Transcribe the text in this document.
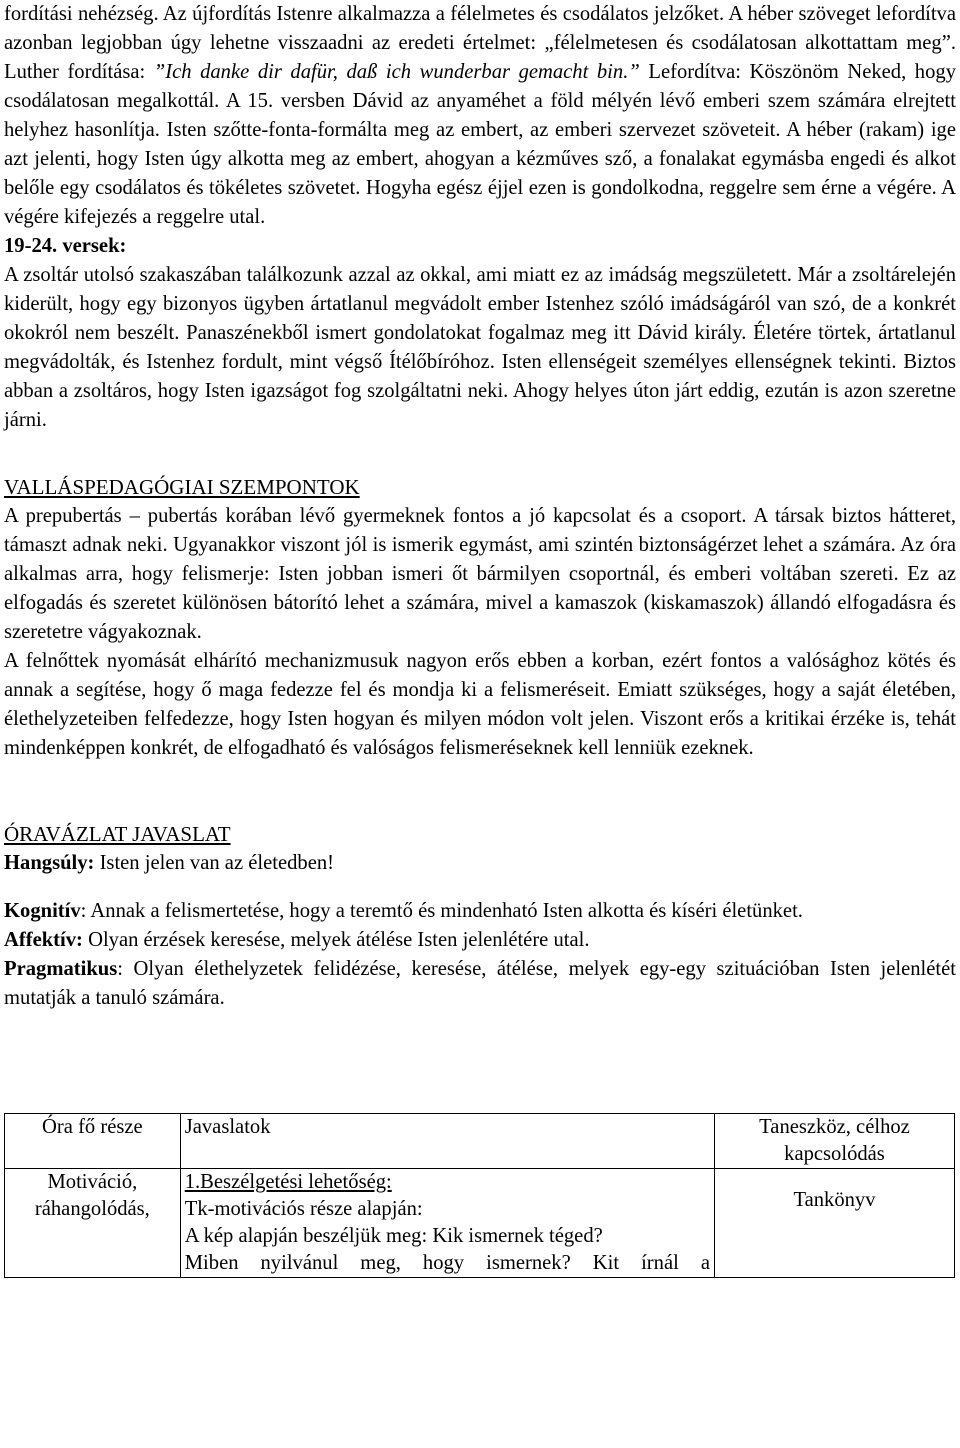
fordítási nehézség. Az újfordítás Istenre alkalmazza a félelmetes és csodálatos jelzőket. A héber szöveget lefordítva azonban legjobban úgy lehetne visszaadni az eredeti értelmet: „félelmetesen és csodálatosan alkottattam meg”. Luther fordítása: ”Ich danke dir dafür, daß ich wunderbar gemacht bin.” Lefordítva: Köszönöm Neked, hogy csodálatosan megalkottál. A 15. versben Dávid az anyaméhet a föld mélyén lévő emberi szem számára elrejtett helyhez hasonlítja. Isten szőtte-fonta-formálta meg az embert, az emberi szervezet szöveteit. A héber (rakam) ige azt jelenti, hogy Isten úgy alkotta meg az embert, ahogyan a kézműves sző, a fonalakat egymásba engedi és alkot belőle egy csodálatos és tökéletes szövetet. Hogyha egész éjjel ezen is gondolkodna, reggelre sem érne a végére. A végére kifejezés a reggelre utal.

19-24. versek:
A zsoltár utolsó szakaszában találkozunk azzal az okkal, ami miatt ez az imádság megszületett. Már a zsoltárelején kiderült, hogy egy bizonyos ügyben ártatlanul megvádolt ember Istenhez szóló imádságáról van szó, de a konkrét okokról nem beszélt. Panaszénekből ismert gondolatokat fogalmaz meg itt Dávid király. Életére törtek, ártatlanul megvádolták, és Istenhez fordult, mint végső Ítélőbíróhoz. Isten ellenségeit személyes ellenségnek tekinti. Biztos abban a zsoltáros, hogy Isten igazságot fog szolgáltatni neki. Ahogy helyes úton járt eddig, ezután is azon szeretne járni.

VALLÁSPEDAGÓGIAI SZEMPONTOK

A prepubertás – pubertás korában lévő gyermeknek fontos a jó kapcsolat és a csoport. A társak biztos hátteret, támaszt adnak neki. Ugyanakkor viszont jól is ismerik egymást, ami szintén biztonságérzet lehet a számára. Az óra alkalmas arra, hogy felismerje: Isten jobban ismeri őt bármilyen csoportnál, és emberi voltában szereti. Ez az elfogadás és szeretet különösen bátorító lehet a számára, mivel a kamaszok (kiskamaszok) állandó elfogadásra és szeretetre vágyakoznak.

A felnőttek nyomását elhárító mechanizmusuk nagyon erős ebben a korban, ezért fontos a valósághoz kötés és annak a segítése, hogy ő maga fedezze fel és mondja ki a felismeréseit. Emiatt szükséges, hogy a saját életében, élethelyzeteiben felfedezze, hogy Isten hogyan és milyen módon volt jelen. Viszont erős a kritikai érzéke is, tehát mindenképpen konkrét, de elfogadható és valóságos felismeréseknek kell lenniük ezeknek.

ÓRAVÁZLAT JAVASLAT

Hangsúly: Isten jelen van az életedben!

Kognitív: Annak a felismertetése, hogy a teremtő és mindenható Isten alkotta és kíséri életünket.

Affektív: Olyan érzések keresése, melyek átélése Isten jelenlétére utal.

Pragmatikus: Olyan élethelyzetek felidézése, keresése, átélése, melyek egy-egy szituációban Isten jelenlétét mutatják a tanuló számára.

Óra fő része	Javaslatok	Taneszköz, célhoz kapcsolódás
Motiváció, ráhangolódás,	1.Beszélgetési lehetőség:
Tk-motivációs része alapján:
A kép alapján beszéljük meg: Kik ismernek téged?
Miben nyilvánul meg, hogy ismernek? Kit írnál a	Tankönyv
